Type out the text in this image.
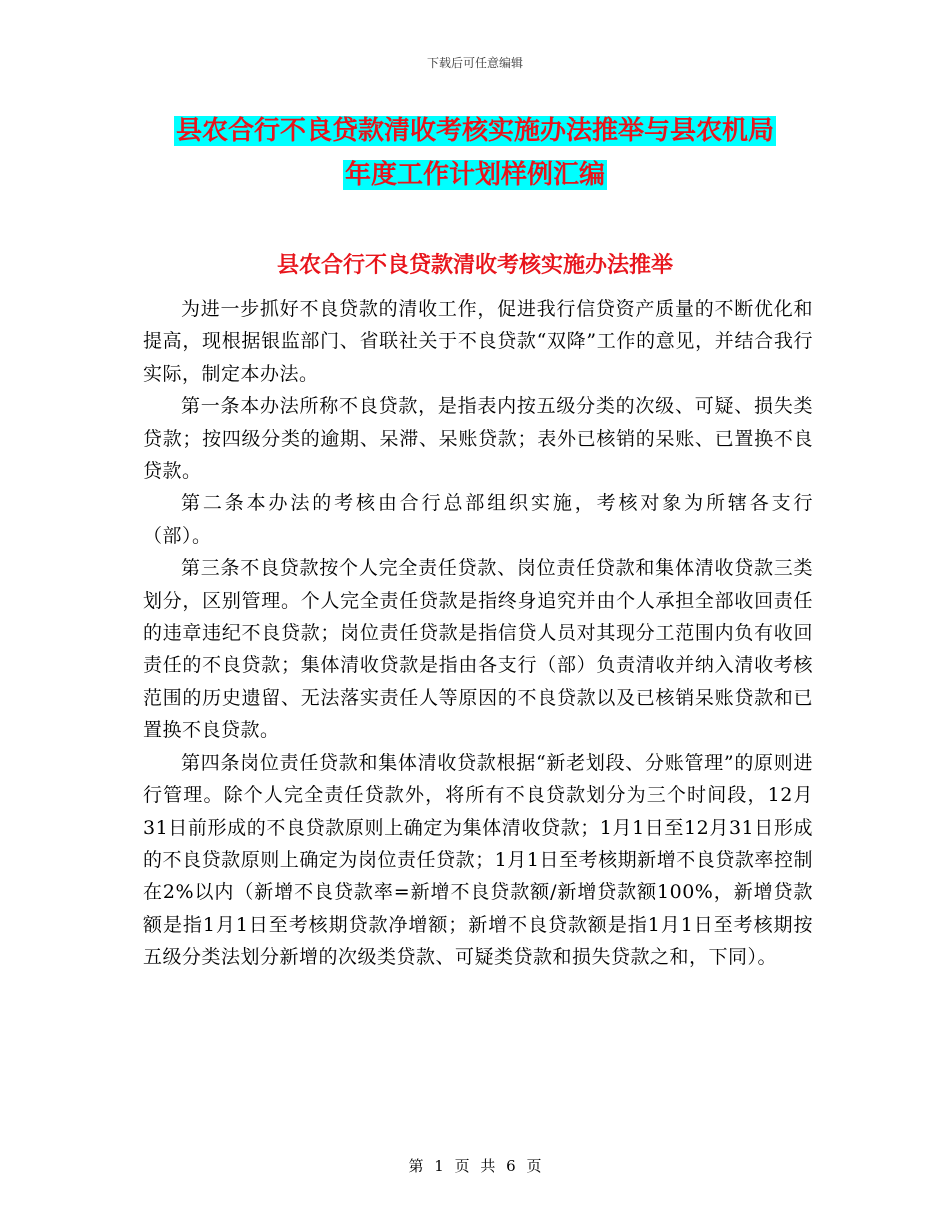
下载后可任意编辑
县农合行不良贷款清收考核实施办法推举与县农机局
年度工作计划样例汇编
县农合行不良贷款清收考核实施办法推举

为进一步抓好不良贷款的清收工作，促进我行信贷资产质量的不断优化和提高，现根据银监部门、省联社关于不良贷款“双降”工作的意见，并结合我行实际，制定本办法。

第一条本办法所称不良贷款，是指表内按五级分类的次级、可疑、损失类贷款；按四级分类的逾期、呆滞、呆账贷款；表外已核销的呆账、已置换不良贷款。

第二条本办法的考核由合行总部组织实施，考核对象为所辖各支行（部）。

第三条不良贷款按个人完全责任贷款、岗位责任贷款和集体清收贷款三类划分，区别管理。个人完全责任贷款是指终身追究并由个人承担全部收回责任的违章违纪不良贷款；岗位责任贷款是指信贷人员对其现分工范围内负有收回责任的不良贷款；集体清收贷款是指由各支行（部）负责清收并纳入清收考核范围的历史遗留、无法落实责任人等原因的不良贷款以及已核销呆账贷款和已置换不良贷款。

第四条岗位责任贷款和集体清收贷款根据“新老划段、分账管理”的原则进行管理。除个人完全责任贷款外，将所有不良贷款划分为三个时间段，12月31日前形成的不良贷款原则上确定为集体清收贷款；1月1日至12月31日形成的不良贷款原则上确定为岗位责任贷款；1月1日至考核期新增不良贷款率控制在2%以内（新增不良贷款率=新增不良贷款额/新增贷款额100%，新增贷款额是指1月1日至考核期贷款净增额；新增不良贷款额是指1月1日至考核期按五级分类法划分新增的次级类贷款、可疑类贷款和损失贷款之和，下同）。

第 1 页 共 6 页
